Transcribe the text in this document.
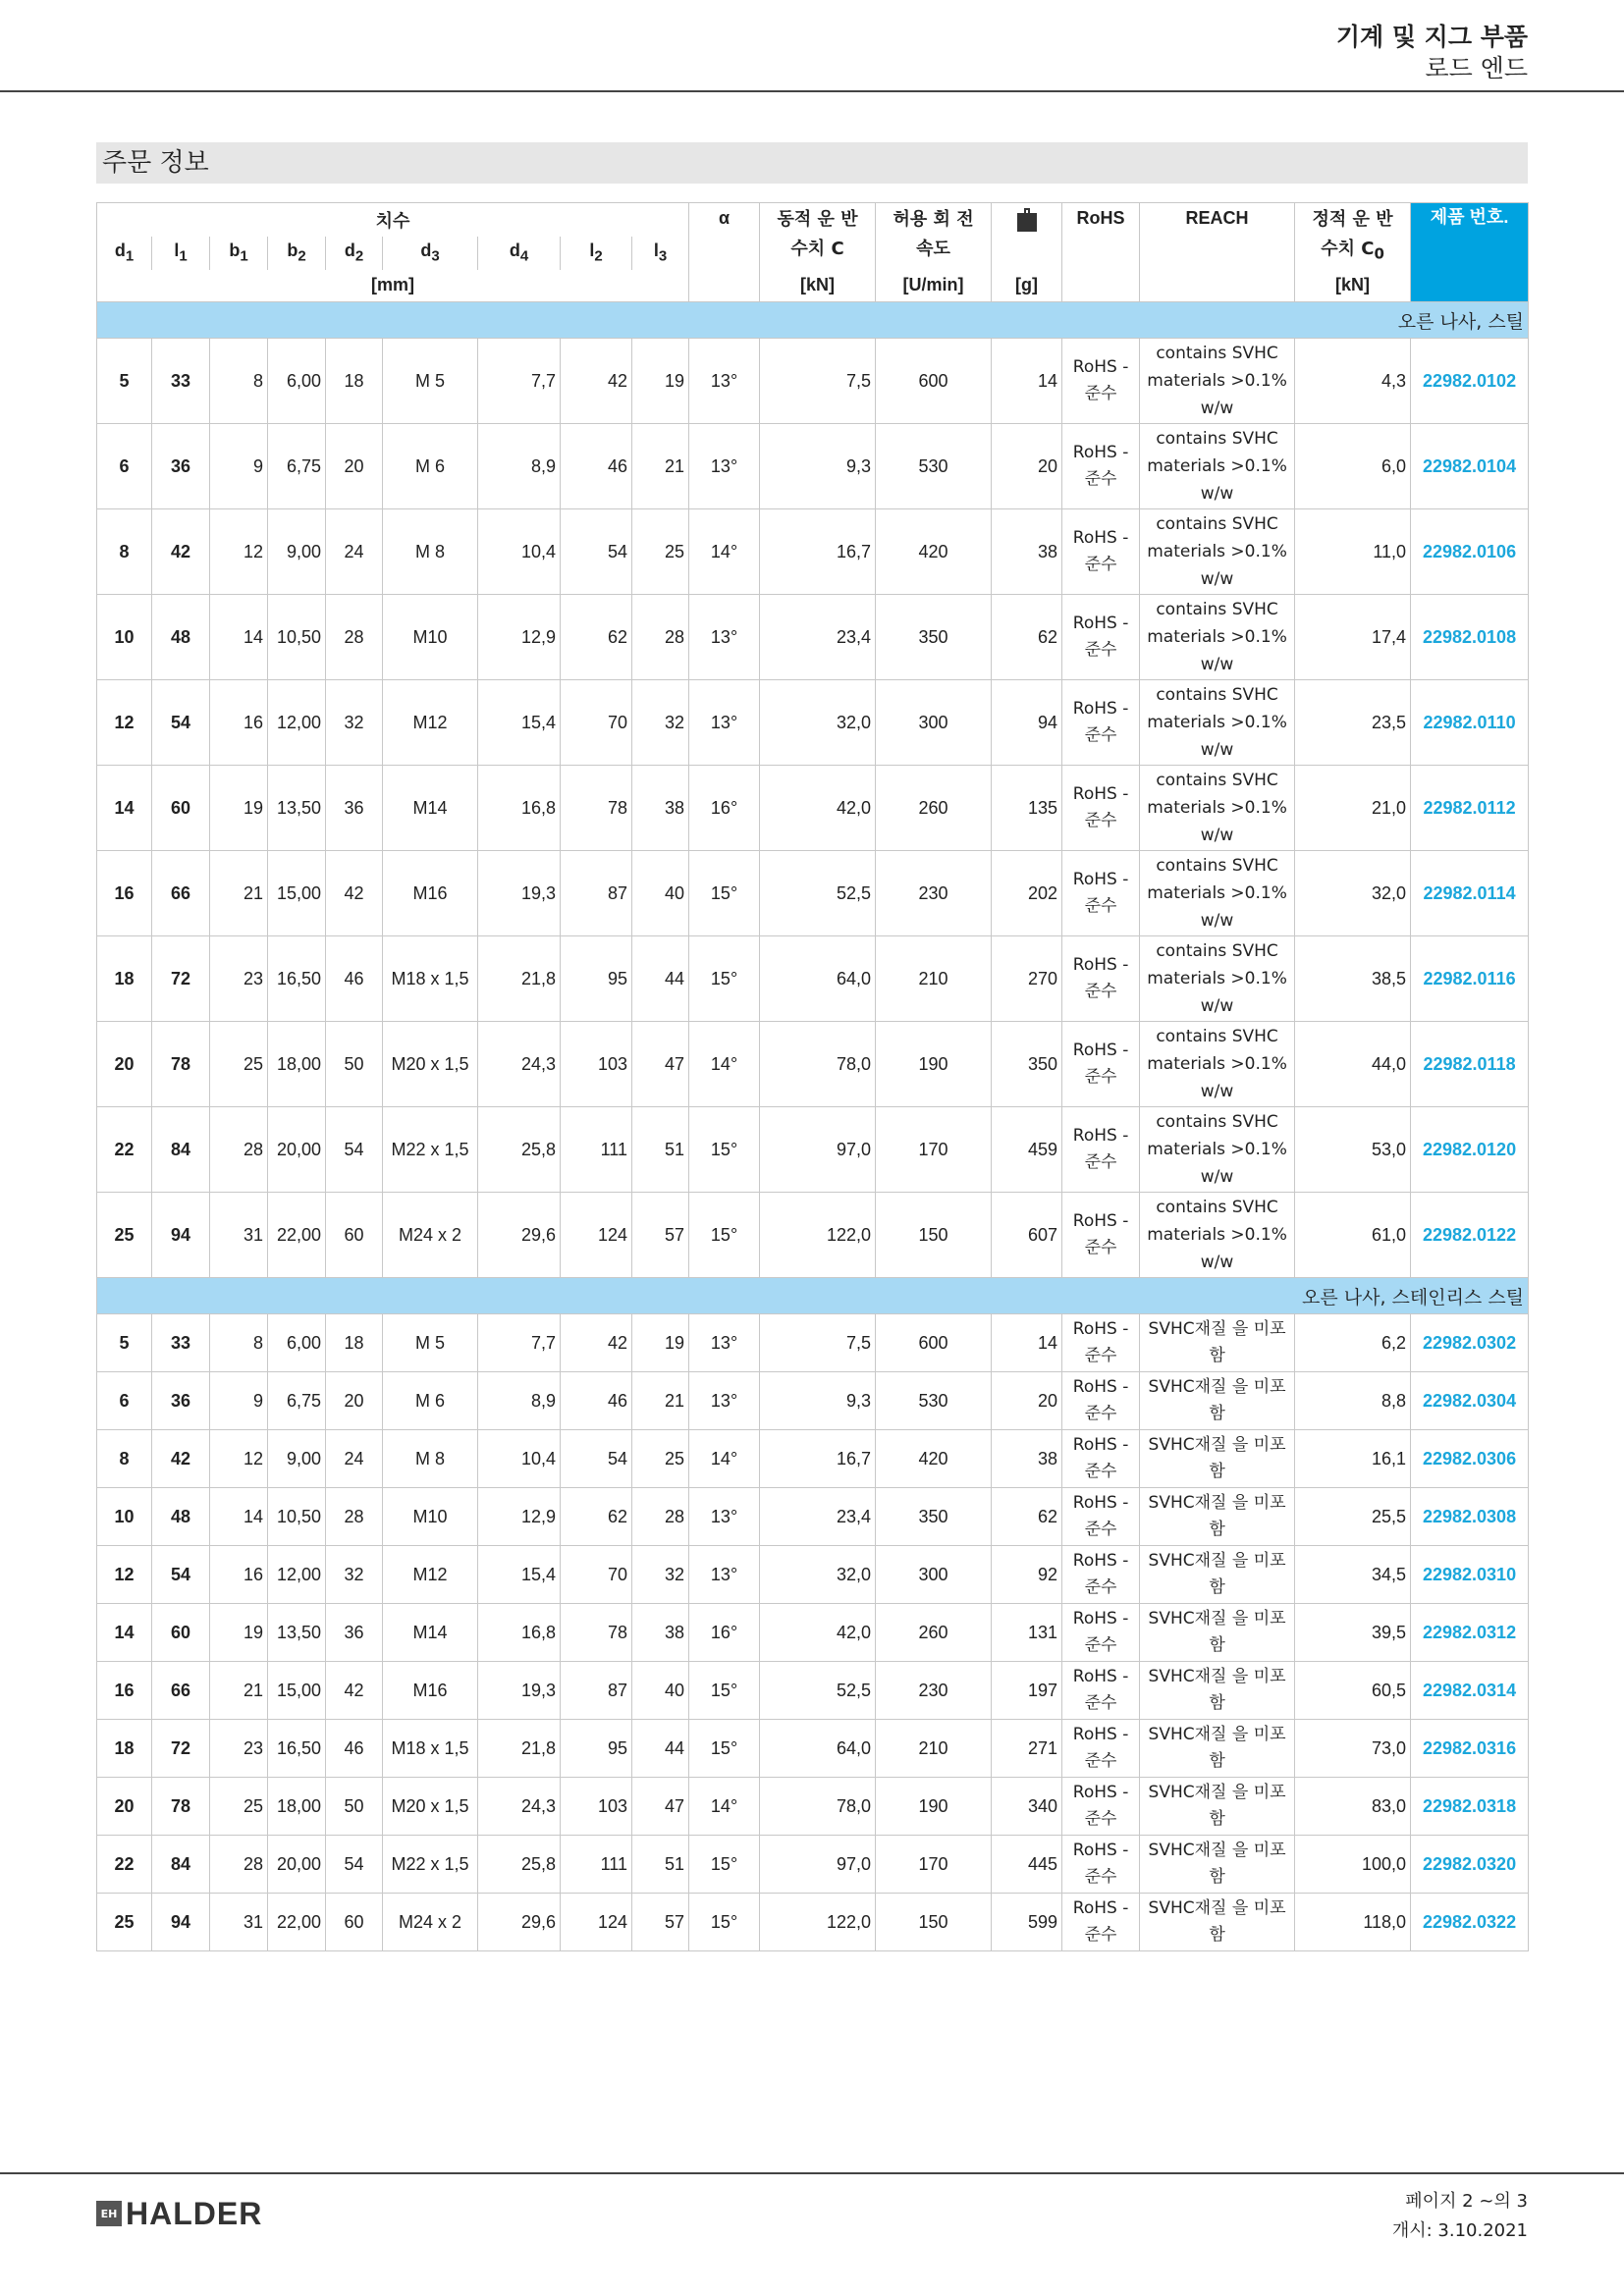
기계 및 지그 부품
로드 엔드
주문 정보
치수									α	동적 운 반 수치 C	허용 회 전 속도		RoHS	REACH	정적 운 반 수치 $C_0$	제품 번호.
$d_1$	$l_1$	$b_1$	$b_2$	$d_2$	$d_3$	$d_4$	$l_2$	$l_3$
[mm]										[kN]	[U/min]	[g]			[kN]	
오른 나사, 스틸																
5	33	8	6,00	18	M 5	7,7	42	19	13°	7,5	600	14	RoHS - 준수	contains SVHC materials >0.1% w/w	4,3	22982.0102
6	36	9	6,75	20	M 6	8,9	46	21	13°	9,3	530	20	RoHS - 준수	contains SVHC materials >0.1% w/w	6,0	22982.0104
8	42	12	9,00	24	M 8	10,4	54	25	14°	16,7	420	38	RoHS - 준수	contains SVHC materials >0.1% w/w	11,0	22982.0106
10	48	14	10,50	28	M10	12,9	62	28	13°	23,4	350	62	RoHS - 준수	contains SVHC materials >0.1% w/w	17,4	22982.0108
12	54	16	12,00	32	M12	15,4	70	32	13°	32,0	300	94	RoHS - 준수	contains SVHC materials >0.1% w/w	23,5	22982.0110
14	60	19	13,50	36	M14	16,8	78	38	16°	42,0	260	135	RoHS - 준수	contains SVHC materials >0.1% w/w	21,0	22982.0112
16	66	21	15,00	42	M16	19,3	87	40	15°	52,5	230	202	RoHS - 준수	contains SVHC materials >0.1% w/w	32,0	22982.0114
18	72	23	16,50	46	M18 x 1,5	21,8	95	44	15°	64,0	210	270	RoHS - 준수	contains SVHC materials >0.1% w/w	38,5	22982.0116
20	78	25	18,00	50	M20 x 1,5	24,3	103	47	14°	78,0	190	350	RoHS - 준수	contains SVHC materials >0.1% w/w	44,0	22982.0118
22	84	28	20,00	54	M22 x 1,5	25,8	111	51	15°	97,0	170	459	RoHS - 준수	contains SVHC materials >0.1% w/w	53,0	22982.0120
25	94	31	22,00	60	M24 x 2	29,6	124	57	15°	122,0	150	607	RoHS - 준수	contains SVHC materials >0.1% w/w	61,0	22982.0122
오른 나사, 스테인리스 스틸																
5	33	8	6,00	18	M 5	7,7	42	19	13°	7,5	600	14	RoHS - 준수	SVHC재질 을 미포함	6,2	22982.0302
6	36	9	6,75	20	M 6	8,9	46	21	13°	9,3	530	20	RoHS - 준수	SVHC재질 을 미포함	8,8	22982.0304
8	42	12	9,00	24	M 8	10,4	54	25	14°	16,7	420	38	RoHS - 준수	SVHC재질 을 미포함	16,1	22982.0306
10	48	14	10,50	28	M10	12,9	62	28	13°	23,4	350	62	RoHS - 준수	SVHC재질 을 미포함	25,5	22982.0308
12	54	16	12,00	32	M12	15,4	70	32	13°	32,0	300	92	RoHS - 준수	SVHC재질 을 미포함	34,5	22982.0310
14	60	19	13,50	36	M14	16,8	78	38	16°	42,0	260	131	RoHS - 준수	SVHC재질 을 미포함	39,5	22982.0312
16	66	21	15,00	42	M16	19,3	87	40	15°	52,5	230	197	RoHS - 준수	SVHC재질 을 미포함	60,5	22982.0314
18	72	23	16,50	46	M18 x 1,5	21,8	95	44	15°	64,0	210	271	RoHS - 준수	SVHC재질 을 미포함	73,0	22982.0316
20	78	25	18,00	50	M20 x 1,5	24,3	103	47	14°	78,0	190	340	RoHS - 준수	SVHC재질 을 미포함	83,0	22982.0318
22	84	28	20,00	54	M22 x 1,5	25,8	111	51	15°	97,0	170	445	RoHS - 준수	SVHC재질 을 미포함	100,0	22982.0320
25	94	31	22,00	60	M24 x 2	29,6	124	57	15°	122,0	150	599	RoHS - 준수	SVHC재질 을 미포함	118,0	22982.0322
EH HALDER	페이지 2 ~의 3
개시: 3.10.2021
